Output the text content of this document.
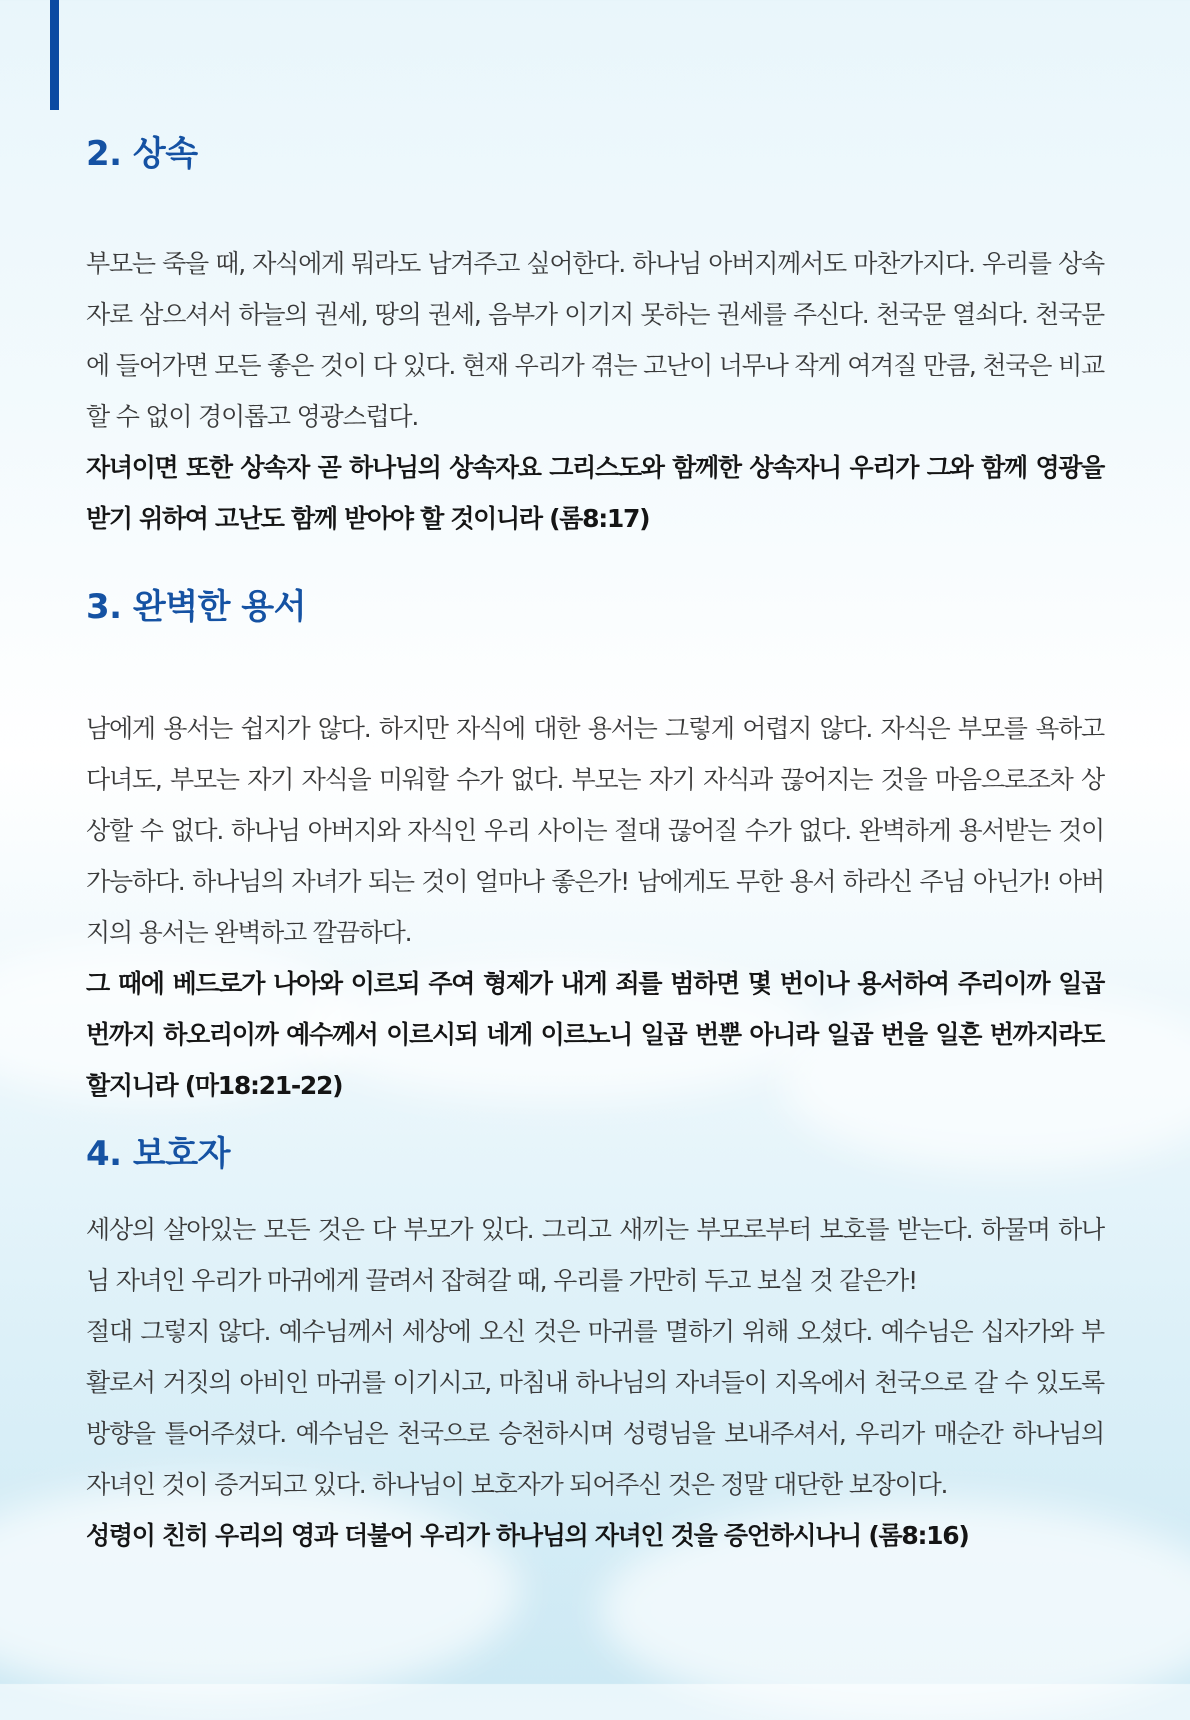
2. 상속

부모는 죽을 때, 자식에게 뭐라도 남겨주고 싶어한다. 하나님 아버지께서도 마찬가지다. 우리를 상속자로 삼으셔서 하늘의 권세, 땅의 권세, 음부가 이기지 못하는 권세를 주신다. 천국문 열쇠다. 천국문에 들어가면 모든 좋은 것이 다 있다. 현재 우리가 겪는 고난이 너무나 작게 여겨질 만큼, 천국은 비교할 수 없이 경이롭고 영광스럽다.

자녀이면 또한 상속자 곧 하나님의 상속자요 그리스도와 함께한 상속자니 우리가 그와 함께 영광을 받기 위하여 고난도 함께 받아야 할 것이니라 (롬8:17)

3. 완벽한 용서

남에게 용서는 쉽지가 않다. 하지만 자식에 대한 용서는 그렇게 어렵지 않다. 자식은 부모를 욕하고 다녀도, 부모는 자기 자식을 미워할 수가 없다. 부모는 자기 자식과 끊어지는 것을 마음으로조차 상상할 수 없다. 하나님 아버지와 자식인 우리 사이는 절대 끊어질 수가 없다. 완벽하게 용서받는 것이 가능하다. 하나님의 자녀가 되는 것이 얼마나 좋은가! 남에게도 무한 용서 하라신 주님 아닌가! 아버지의 용서는 완벽하고 깔끔하다.

그 때에 베드로가 나아와 이르되 주여 형제가 내게 죄를 범하면 몇 번이나 용서하여 주리이까 일곱 번까지 하오리이까 예수께서 이르시되 네게 이르노니 일곱 번뿐 아니라 일곱 번을 일흔 번까지라도 할지니라 (마18:21-22)

4. 보호자

세상의 살아있는 모든 것은 다 부모가 있다. 그리고 새끼는 부모로부터 보호를 받는다. 하물며 하나님 자녀인 우리가 마귀에게 끌려서 잡혀갈 때, 우리를 가만히 두고 보실 것 같은가!

절대 그렇지 않다. 예수님께서 세상에 오신 것은 마귀를 멸하기 위해 오셨다. 예수님은 십자가와 부활로서 거짓의 아비인 마귀를 이기시고, 마침내 하나님의 자녀들이 지옥에서 천국으로 갈 수 있도록 방향을 틀어주셨다. 예수님은 천국으로 승천하시며 성령님을 보내주셔서, 우리가 매순간 하나님의 자녀인 것이 증거되고 있다. 하나님이 보호자가 되어주신 것은 정말 대단한 보장이다.

성령이 친히 우리의 영과 더불어 우리가 하나님의 자녀인 것을 증언하시나니 (롬8:16)
